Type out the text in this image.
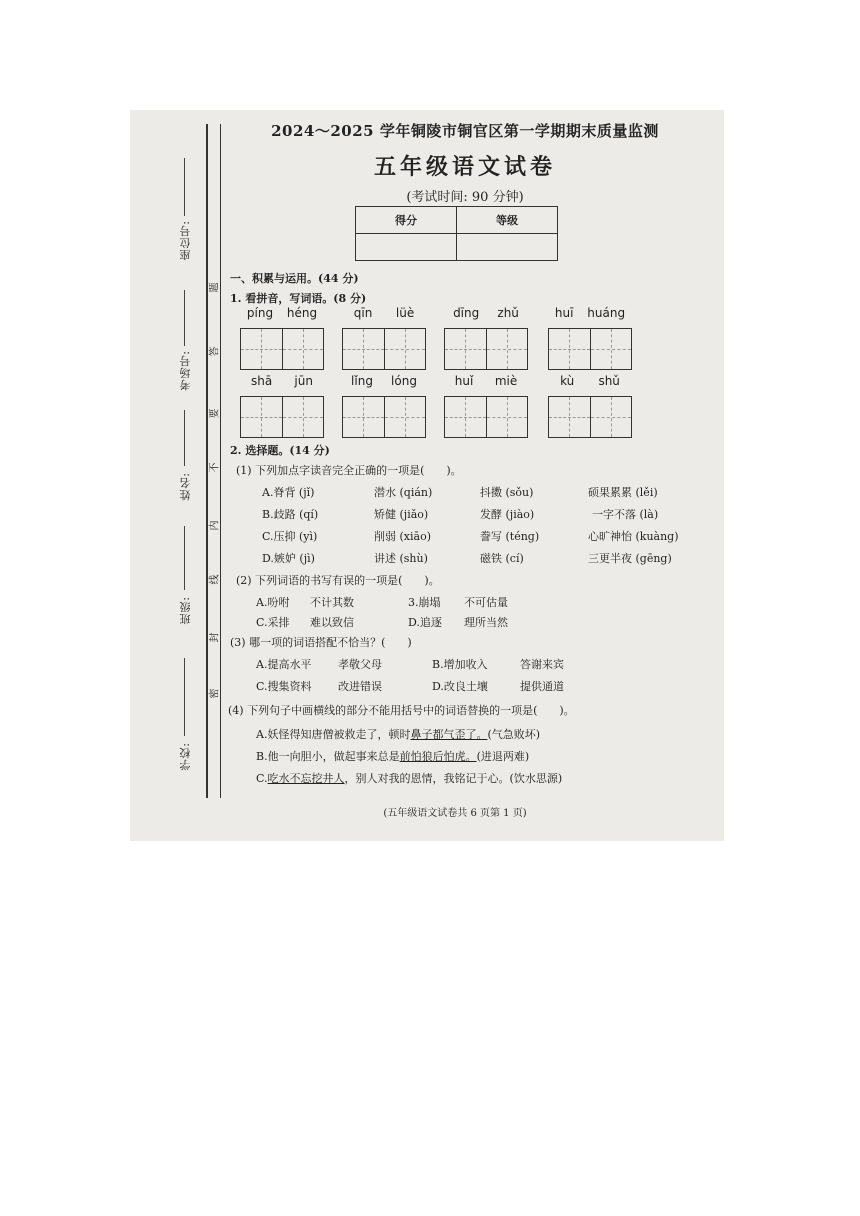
座位号:
考场号:
姓名:
班级:
学校:
题
答
要
不
内
线
封
密
2024～2025 学年铜陵市铜官区第一学期期末质量监测
五年级语文试卷
(考试时间: 90 分钟)
得分	等级

一、积累与运用。(44 分)
1. 看拼音，写词语。(8 分)
píng héng	qīn lüè	dīng zhǔ	huī huáng
shā jūn	lǐng lóng	huǐ miè	kù shǔ
2. 选择题。(14 分)
(1) 下列加点字读音完全正确的一项是(　　)。
A.脊背 (jǐ)	潜水 (qián)	抖擞 (sǒu)	硕果累累 (lěi)
B.歧路 (qí)	矫健 (jiǎo)	发酵 (jiào)	一字不落 (là)
C.压抑 (yì)	削弱 (xiāo)	誊写 (téng)	心旷神怡 (kuàng)
D.嫉妒 (jì)	讲述 (shù)	磁铁 (cí)	三更半夜 (gēng)
(2) 下列词语的书写有误的一项是(　　)。
A.吩咐 不计其数	3.崩塌 不可估量
C.采排 难以致信	D.追逐 理所当然
(3) 哪一项的词语搭配不恰当？(　　)
A.提高水平 孝敬父母	B.增加收入	答谢来宾
C.搜集资料 改进错误	D.改良土壤	提供通道
(4) 下列句子中画横线的部分不能用括号中的词语替换的一项是(　　)。
A.妖怪得知唐僧被救走了，顿时鼻子都气歪了。(气急败坏)
B.他一向胆小，做起事来总是前怕狼后怕虎。(进退两难)
C.吃水不忘挖井人，别人对我的恩情，我铭记于心。(饮水思源)
(五年级语文试卷共 6 页第 1 页)
